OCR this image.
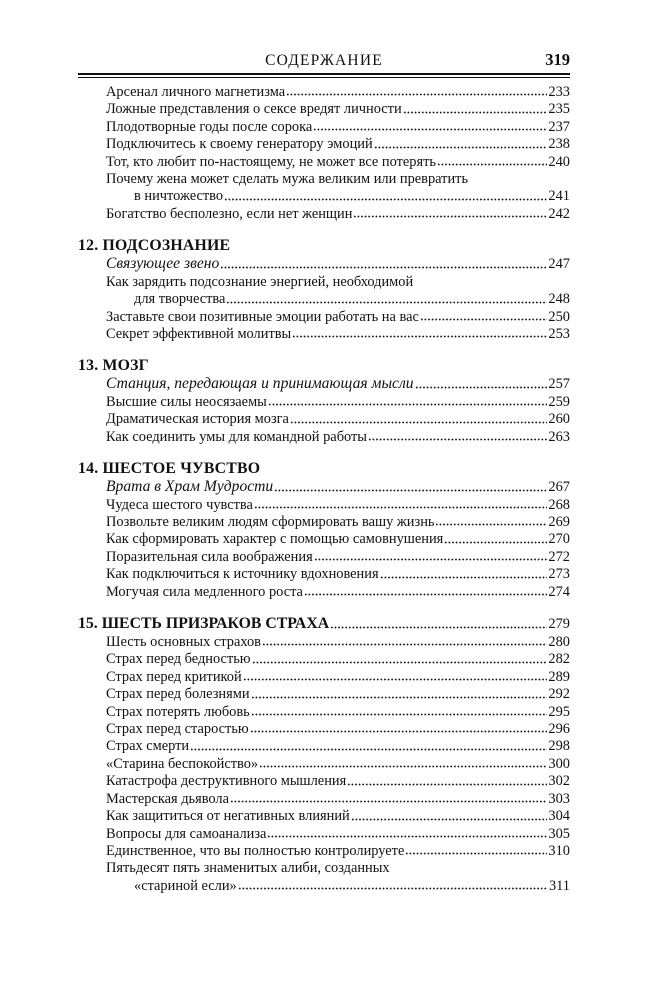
СОДЕРЖАНИЕ	319
Арсенал личного магнетизма	233
Ложные представления о сексе вредят личности	235
Плодотворные годы после сорока	237
Подключитесь к своему генератору эмоций	238
Тот, кто любит по-настоящему, не может все потерять	240
Почему жена может сделать мужа великим или превратить
в ничтожество	241
Богатство бесполезно, если нет женщин	242
12. ПОДСОЗНАНИЕ
Связующее звено	247
Как зарядить подсознание энергией, необходимой
для творчества	248
Заставьте свои позитивные эмоции работать на вас	250
Секрет эффективной молитвы	253
13. МОЗГ
Станция, передающая и принимающая мысли	257
Высшие силы неосязаемы	259
Драматическая история мозга	260
Как соединить умы для командной работы	263
14. ШЕСТОЕ ЧУВСТВО
Врата в Храм Мудрости	267
Чудеса шестого чувства	268
Позвольте великим людям сформировать вашу жизнь	269
Как сформировать характер с помощью самовнушения	270
Поразительная сила воображения	272
Как подключиться к источнику вдохновения	273
Могучая сила медленного роста	274
15. ШЕСТЬ ПРИЗРАКОВ СТРАХА	279
Шесть основных страхов	280
Страх перед бедностью	282
Страх перед критикой	289
Страх перед болезнями	292
Страх потерять любовь	295
Страх перед старостью	296
Страх смерти	298
«Старина беспокойство»	300
Катастрофа деструктивного мышления	302
Мастерская дьявола	303
Как защититься от негативных влияний	304
Вопросы для самоанализа	305
Единственное, что вы полностью контролируете	310
Пятьдесят пять знаменитых алиби, созданных
«стариной если»	311
